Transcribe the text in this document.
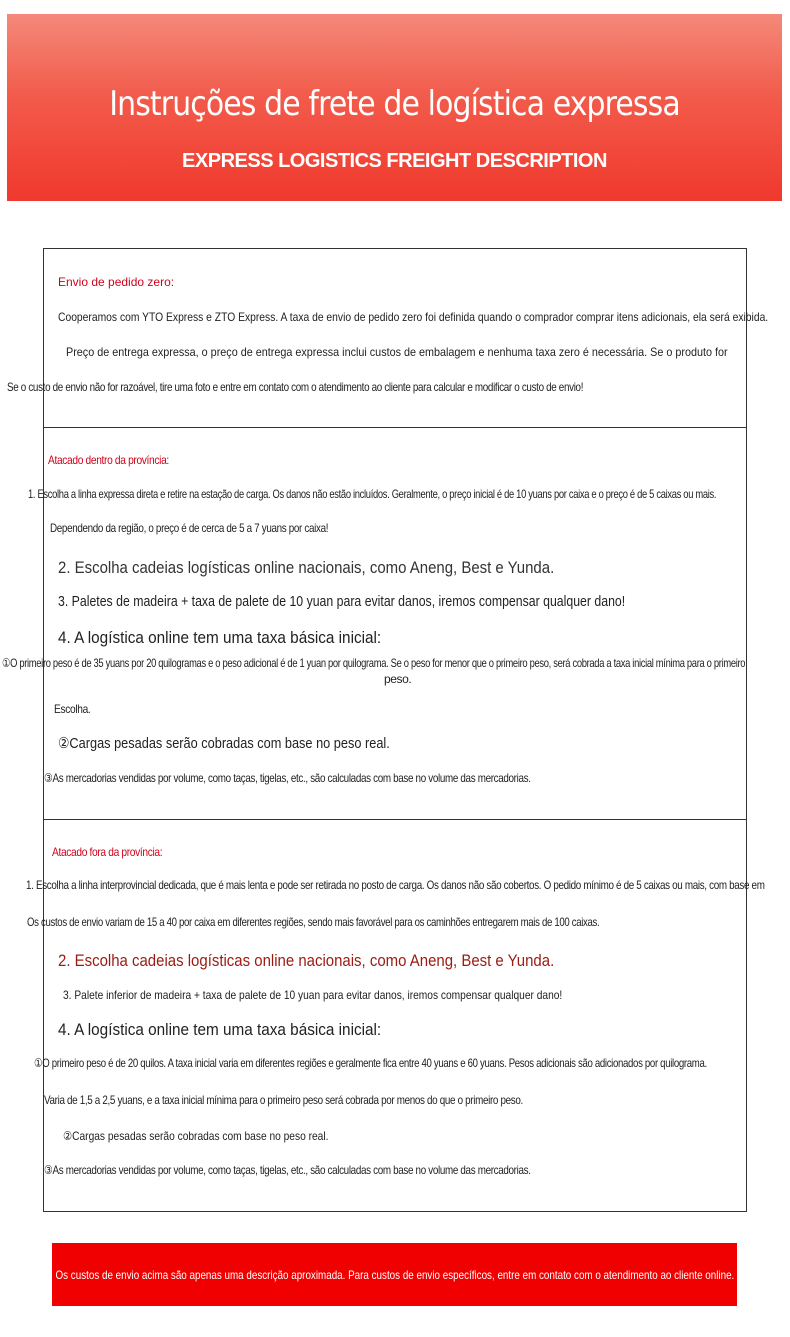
Instruções de frete de logística expressa
EXPRESS LOGISTICS FREIGHT DESCRIPTION
Envio de pedido zero:
Cooperamos com YTO Express e ZTO Express. A taxa de envio de pedido zero foi definida quando o comprador comprar itens adicionais, ela será exibida.
Preço de entrega expressa, o preço de entrega expressa inclui custos de embalagem e nenhuma taxa zero é necessária. Se o produto for
Se o custo de envio não for razoável, tire uma foto e entre em contato com o atendimento ao cliente para calcular e modificar o custo de envio!
Atacado dentro da província:
1. Escolha a linha expressa direta e retire na estação de carga. Os danos não estão incluídos. Geralmente, o preço inicial é de 10 yuans por caixa e o preço é de 5 caixas ou mais.
Dependendo da região, o preço é de cerca de 5 a 7 yuans por caixa!
2. Escolha cadeias logísticas online nacionais, como Aneng, Best e Yunda.
3. Paletes de madeira + taxa de palete de 10 yuan para evitar danos, iremos compensar qualquer dano!
4. A logística online tem uma taxa básica inicial:
①O primeiro peso é de 35 yuans por 20 quilogramas e o peso adicional é de 1 yuan por quilograma. Se o peso for menor que o primeiro peso, será cobrada a taxa inicial mínima para o primeiro
peso.
Escolha.
②Cargas pesadas serão cobradas com base no peso real.
③As mercadorias vendidas por volume, como taças, tigelas, etc., são calculadas com base no volume das mercadorias.
Atacado fora da província:
1. Escolha a linha interprovincial dedicada, que é mais lenta e pode ser retirada no posto de carga. Os danos não são cobertos. O pedido mínimo é de 5 caixas ou mais, com base em
Os custos de envio variam de 15 a 40 por caixa em diferentes regiões, sendo mais favorável para os caminhões entregarem mais de 100 caixas.
2. Escolha cadeias logísticas online nacionais, como Aneng, Best e Yunda.
3. Palete inferior de madeira + taxa de palete de 10 yuan para evitar danos, iremos compensar qualquer dano!
4. A logística online tem uma taxa básica inicial:
①O primeiro peso é de 20 quilos. A taxa inicial varia em diferentes regiões e geralmente fica entre 40 yuans e 60 yuans. Pesos adicionais são adicionados por quilograma.
Varia de 1,5 a 2,5 yuans, e a taxa inicial mínima para o primeiro peso será cobrada por menos do que o primeiro peso.
②Cargas pesadas serão cobradas com base no peso real.
③As mercadorias vendidas por volume, como taças, tigelas, etc., são calculadas com base no volume das mercadorias.
Os custos de envio acima são apenas uma descrição aproximada. Para custos de envio específicos, entre em contato com o atendimento ao cliente online.
